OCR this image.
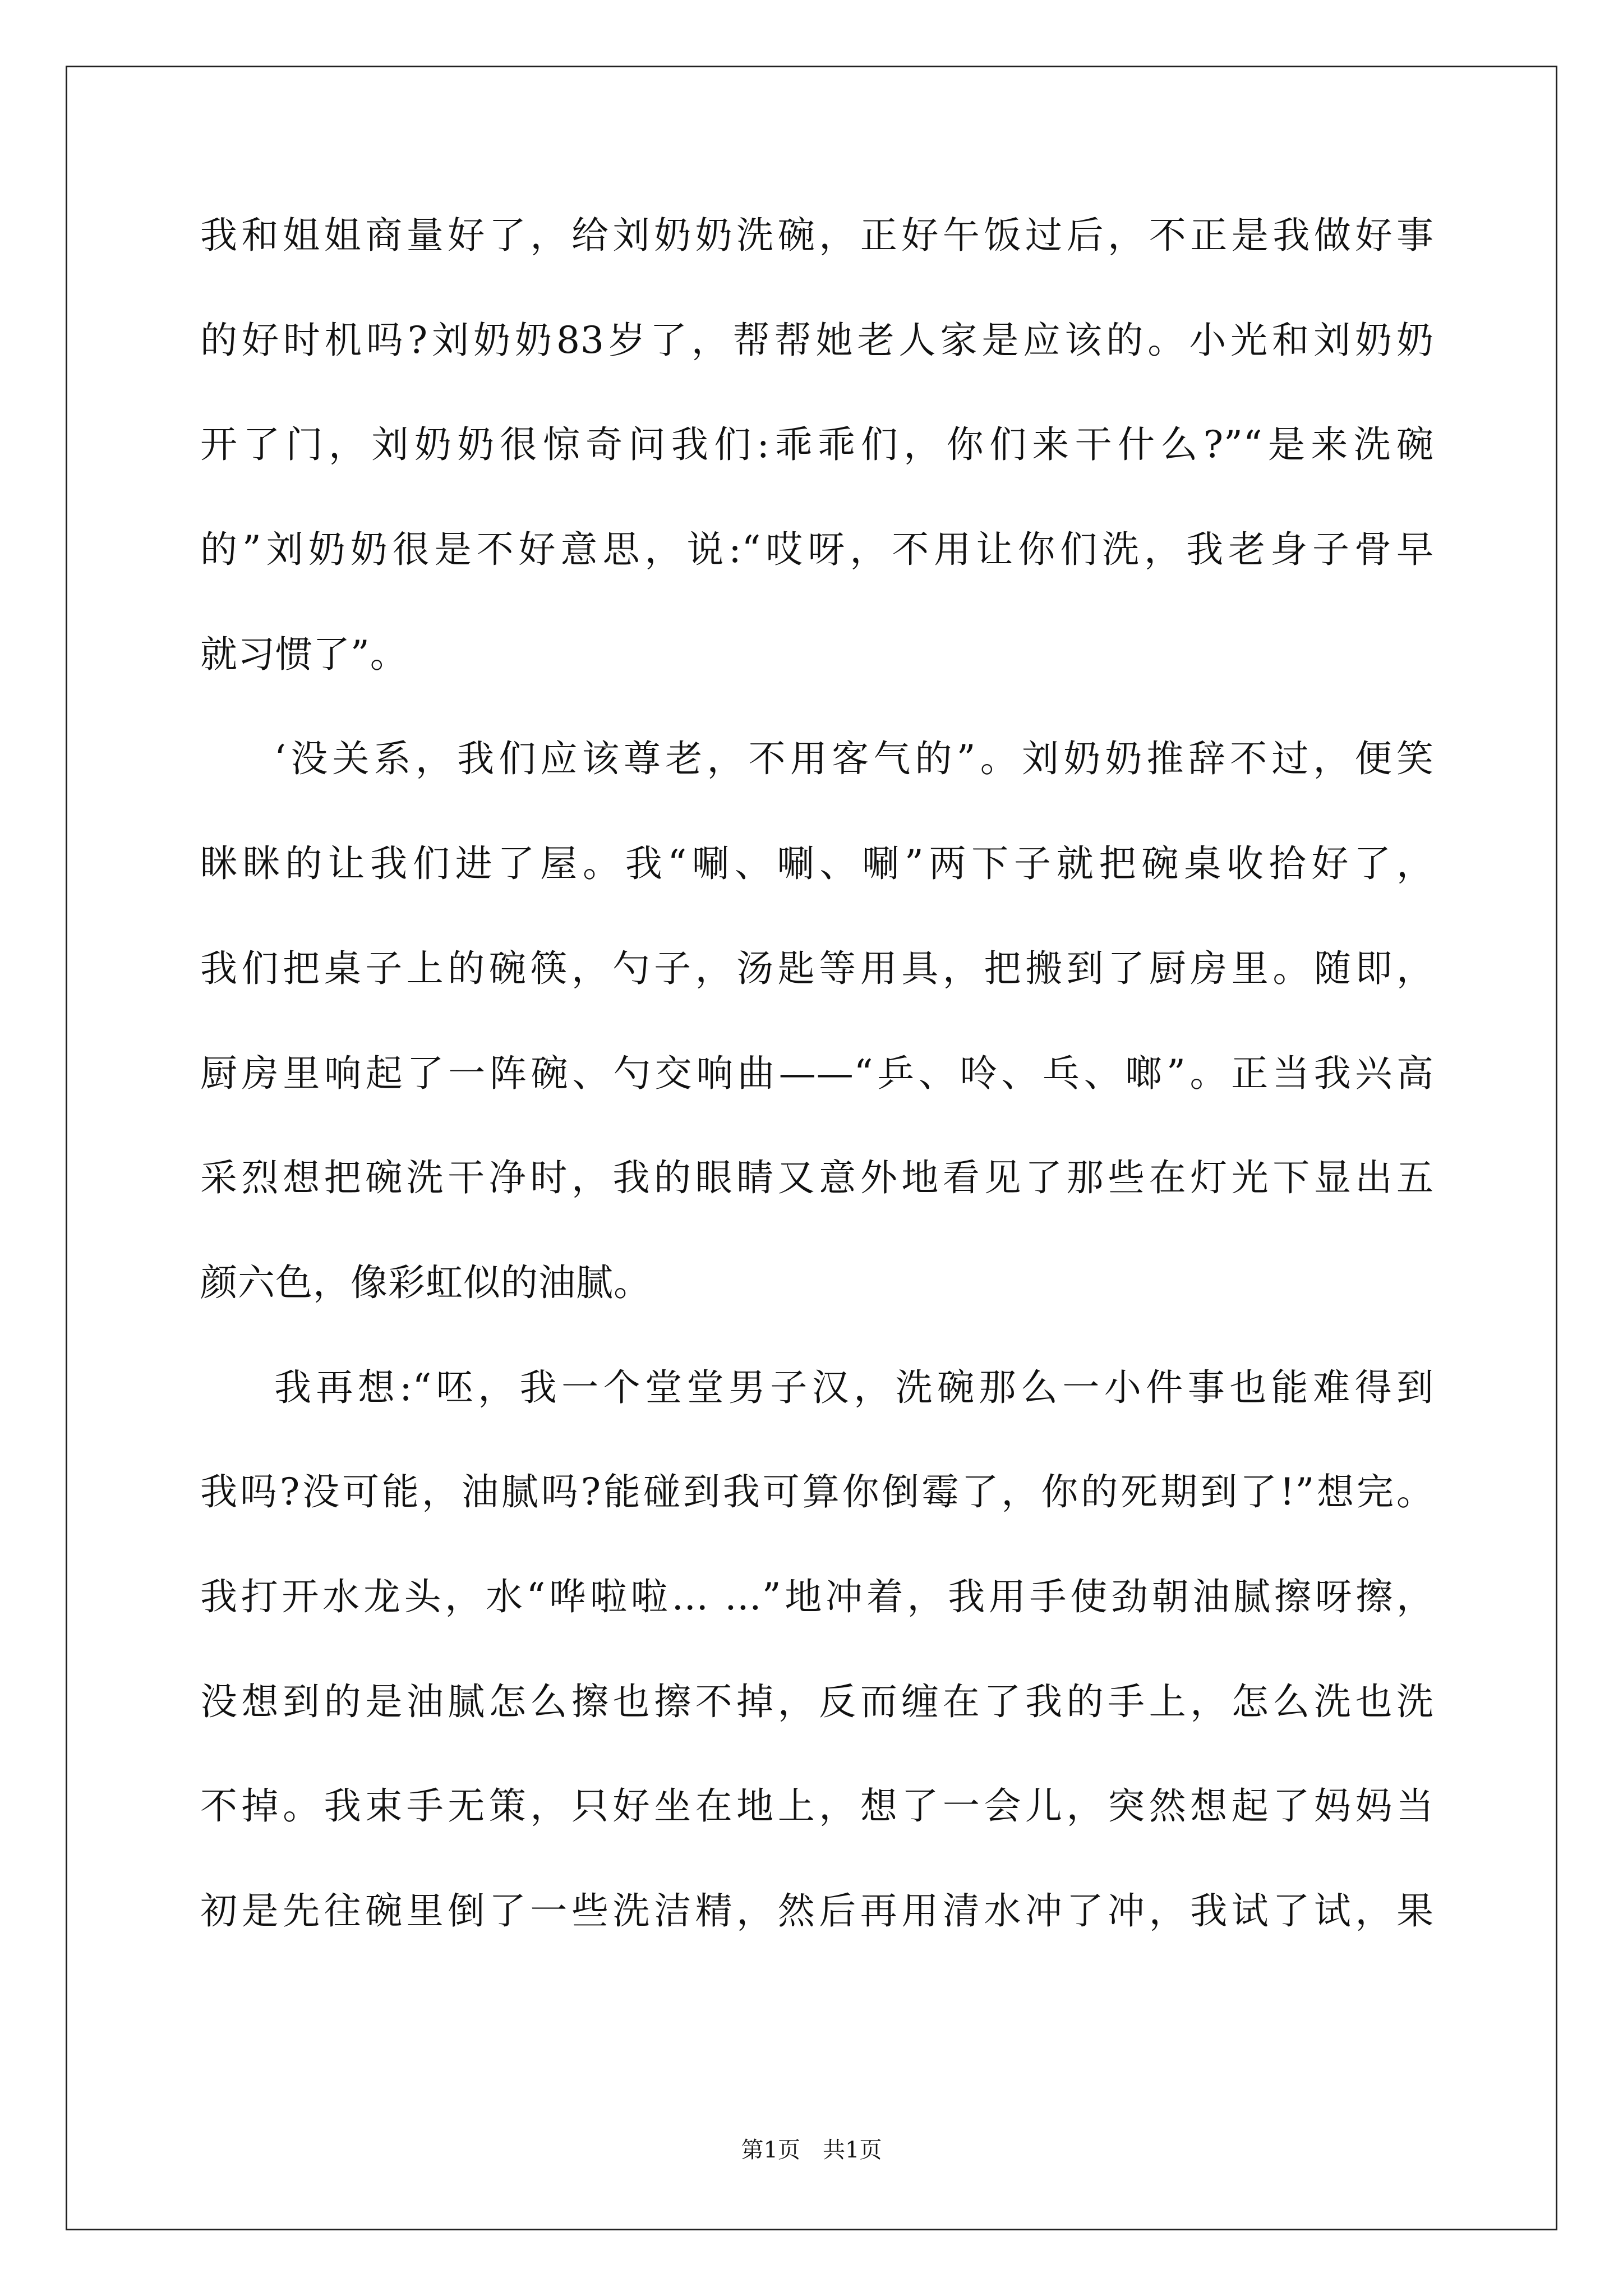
我和姐姐商量好了，给刘奶奶洗碗，正好午饭过后，不正是我做好事
的好时机吗?刘奶奶83岁了，帮帮她老人家是应该的。小光和刘奶奶
开了门，刘奶奶很惊奇问我们:乖乖们，你们来干什么?”“是来洗碗
的”刘奶奶很是不好意思，说:“哎呀，不用让你们洗，我老身子骨早
就习惯了”。
‘没关系，我们应该尊老，不用客气的”。刘奶奶推辞不过，便笑
眯眯的让我们进了屋。我“唰、唰、唰”两下子就把碗桌收拾好了，
我们把桌子上的碗筷，勺子，汤匙等用具，把搬到了厨房里。随即，
厨房里响起了一阵碗、勺交响曲——“乒、呤、乓、啷”。正当我兴高
采烈想把碗洗干净时，我的眼睛又意外地看见了那些在灯光下显出五
颜六色，像彩虹似的油腻。
我再想:“呸，我一个堂堂男子汉，洗碗那么一小件事也能难得到
我吗?没可能，油腻吗?能碰到我可算你倒霉了，你的死期到了!”想完。
我打开水龙头，水“哗啦啦… …”地冲着，我用手使劲朝油腻擦呀擦，
没想到的是油腻怎么擦也擦不掉，反而缠在了我的手上，怎么洗也洗
不掉。我束手无策，只好坐在地上，想了一会儿，突然想起了妈妈当
初是先往碗里倒了一些洗洁精，然后再用清水冲了冲，我试了试，果
第1页　共1页
